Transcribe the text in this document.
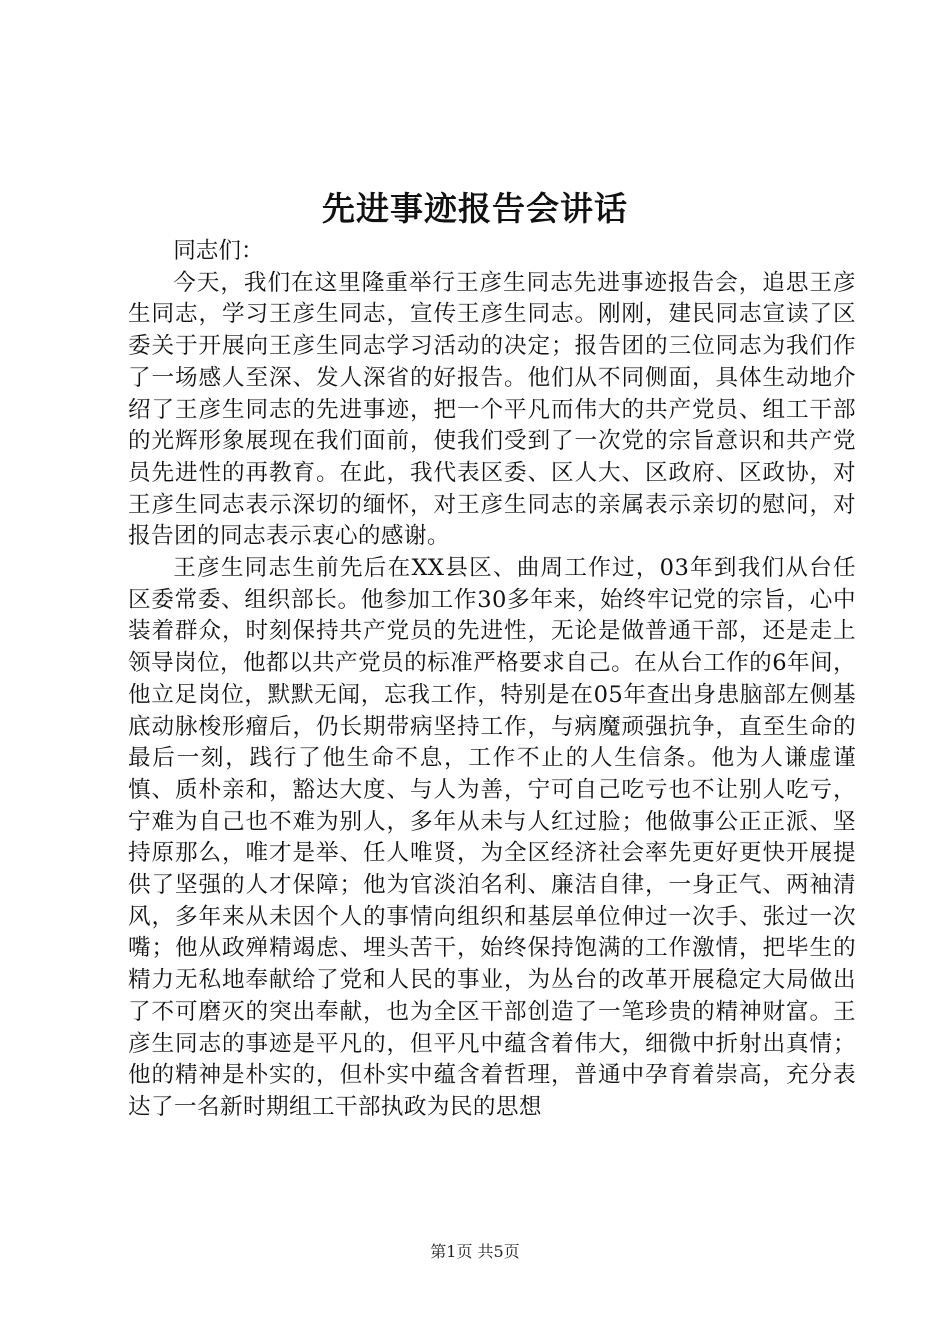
先进事迹报告会讲话

同志们：

今天，我们在这里隆重举行王彦生同志先进事迹报告会，追思王彦生同志，学习王彦生同志，宣传王彦生同志。刚刚，建民同志宣读了区委关于开展向王彦生同志学习活动的决定；报告团的三位同志为我们作了一场感人至深、发人深省的好报告。他们从不同侧面，具体生动地介绍了王彦生同志的先进事迹，把一个平凡而伟大的共产党员、组工干部的光辉形象展现在我们面前，使我们受到了一次党的宗旨意识和共产党员先进性的再教育。在此，我代表区委、区人大、区政府、区政协，对王彦生同志表示深切的缅怀，对王彦生同志的亲属表示亲切的慰问，对报告团的同志表示衷心的感谢。

王彦生同志生前先后在XX县区、曲周工作过，03年到我们从台任区委常委、组织部长。他参加工作30多年来，始终牢记党的宗旨，心中装着群众，时刻保持共产党员的先进性，无论是做普通干部，还是走上领导岗位，他都以共产党员的标准严格要求自己。在从台工作的6年间，他立足岗位，默默无闻，忘我工作，特别是在05年查出身患脑部左侧基底动脉梭形瘤后，仍长期带病坚持工作，与病魔顽强抗争，直至生命的最后一刻，践行了他生命不息，工作不止的人生信条。他为人谦虚谨慎、质朴亲和，豁达大度、与人为善，宁可自己吃亏也不让别人吃亏，宁难为自己也不难为别人，多年从未与人红过脸；他做事公正正派、坚持原那么，唯才是举、任人唯贤，为全区经济社会率先更好更快开展提供了坚强的人才保障；他为官淡泊名利、廉洁自律，一身正气、两袖清风，多年来从未因个人的事情向组织和基层单位伸过一次手、张过一次嘴；他从政殚精竭虑、埋头苦干，始终保持饱满的工作激情，把毕生的精力无私地奉献给了党和人民的事业，为丛台的改革开展稳定大局做出了不可磨灭的突出奉献，也为全区干部创造了一笔珍贵的精神财富。王彦生同志的事迹是平凡的，但平凡中蕴含着伟大，细微中折射出真情；他的精神是朴实的，但朴实中蕴含着哲理，普通中孕育着崇高，充分表达了一名新时期组工干部执政为民的思想

第1页 共5页
